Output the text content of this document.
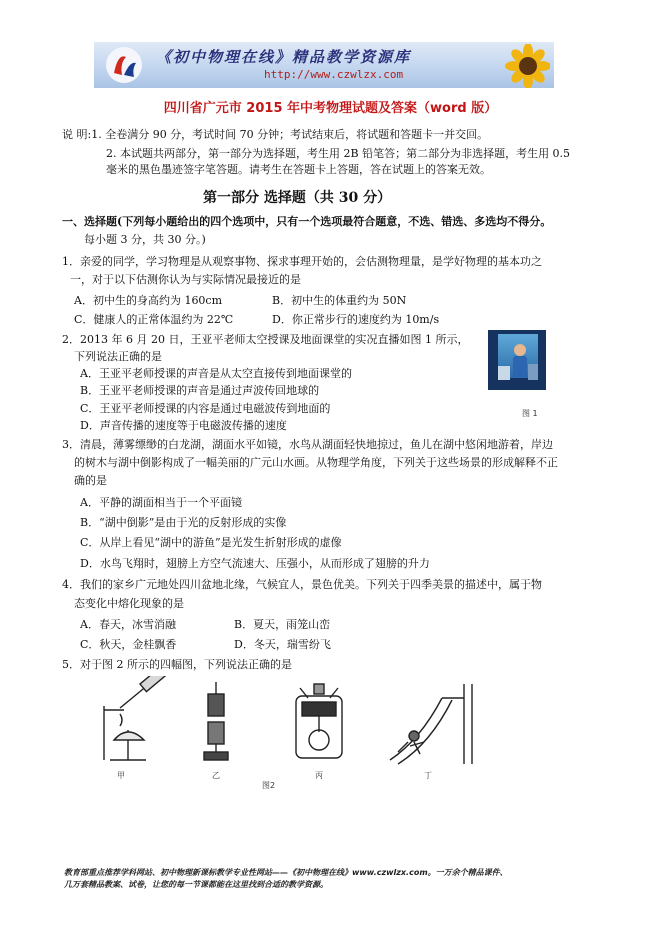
《初中物理在线》精品教学资源库
http://www.czwlzx.com
四川省广元市 2015 年中考物理试题及答案（word 版）
说 明:1. 全卷满分 90 分，考试时间 70 分钟；考试结束后，将试题和答题卡一并交回。
2. 本试题共两部分，第一部分为选择题，考生用 2B 铅笔答；第二部分为非选择题，考生用 0.5
毫米的黑色墨迹签字笔答题。请考生在答题卡上答题，答在试题上的答案无效。
第一部分 选择题（共 30 分）
一、选择题(下列每小题给出的四个选项中，只有一个选项最符合题意，不选、错选、多选均不得分。
每小题 3 分，共 30 分。)
1．亲爱的同学，学习物理是从观察事物、探求事理开始的，会估测物理量，是学好物理的基本功之
一，对于以下估测你认为与实际情况最接近的是
A．初中生的身高约为 160cm	B．初中生的体重约为 50N
C．健康人的正常体温约为 22℃	D．你正常步行的速度约为 10m/s
2．2013 年 6 月 20 日，王亚平老师太空授课及地面课堂的实况直播如图 1 所示，
下列说法正确的是
A．王亚平老师授课的声音是从太空直接传到地面课堂的
B．王亚平老师授课的声音是通过声波传回地球的
C．王亚平老师授课的内容是通过电磁波传到地面的
D．声音传播的速度等于电磁波传播的速度
图 1
3．清晨，薄雾缥缈的白龙湖，湖面水平如镜，水鸟从湖面轻快地掠过，鱼儿在湖中悠闲地游着，岸边
的树木与湖中倒影构成了一幅美丽的广元山水画。从物理学角度，下列关于这些场景的形成解释不正
确的是
A．平静的湖面相当于一个平面镜
B．“湖中倒影”是由于光的反射形成的实像
C．从岸上看见“湖中的游鱼”是光发生折射形成的虚像
D．水鸟飞翔时，翅膀上方空气流速大、压强小，从而形成了翅膀的升力
4．我们的家乡广元地处四川盆地北缘，气候宜人，景色优美。下列关于四季美景的描述中，属于物
态变化中熔化现象的是
A．春天，冰雪消融	B．夏天，雨笼山峦
C．秋天，金桂飘香	D．冬天，瑞雪纷飞
5．对于图 2 所示的四幅图，下列说法正确的是
甲	乙	丙	丁
图2
教育部重点推荐学科网站、初中物理新课标教学专业性网站——《初中物理在线》www.czwlzx.com。一万余个精品课件、
几万套精品教案、试卷，让您的每一节课都能在这里找到合适的教学资源。
